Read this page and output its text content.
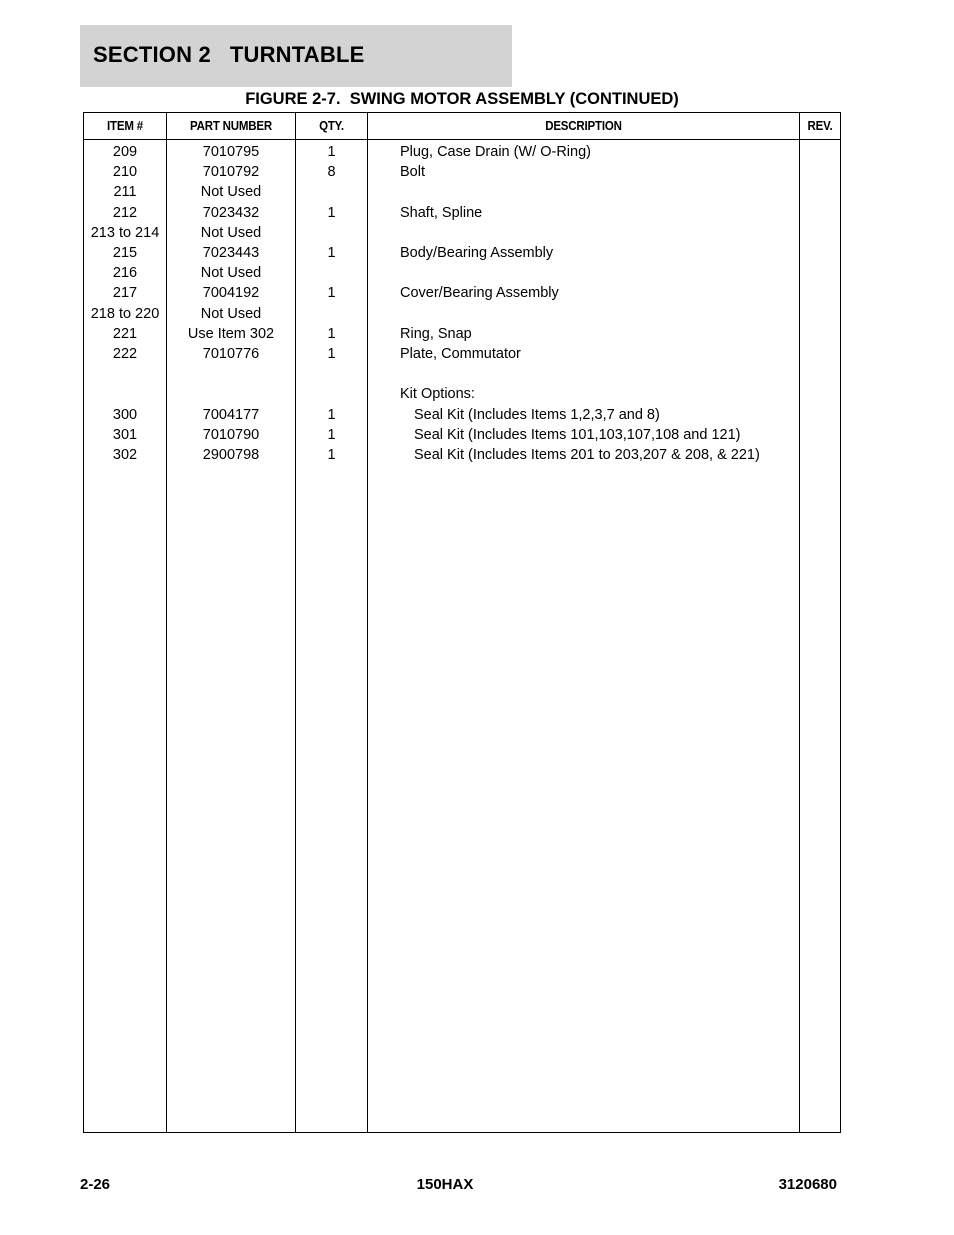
SECTION 2   TURNTABLE
FIGURE 2-7.  SWING MOTOR ASSEMBLY (CONTINUED)
ITEM #	PART NUMBER	QTY.	DESCRIPTION	REV.
209	7010795	1	Plug, Case Drain (W/ O-Ring)
210	7010792	8	Bolt
211	Not Used
212	7023432	1	Shaft, Spline
213 to 214	Not Used
215	7023443	1	Body/Bearing Assembly
216	Not Used
217	7004192	1	Cover/Bearing Assembly
218 to 220	Not Used
221	Use Item 302	1	Ring, Snap
222	7010776	1	Plate, Commutator
Kit Options:
300	7004177	1	Seal Kit (Includes Items 1,2,3,7 and 8)
301	7010790	1	Seal Kit (Includes Items 101,103,107,108 and 121)
302	2900798	1	Seal Kit (Includes Items 201 to 203,207 & 208, & 221)
2-26	150HAX	3120680
